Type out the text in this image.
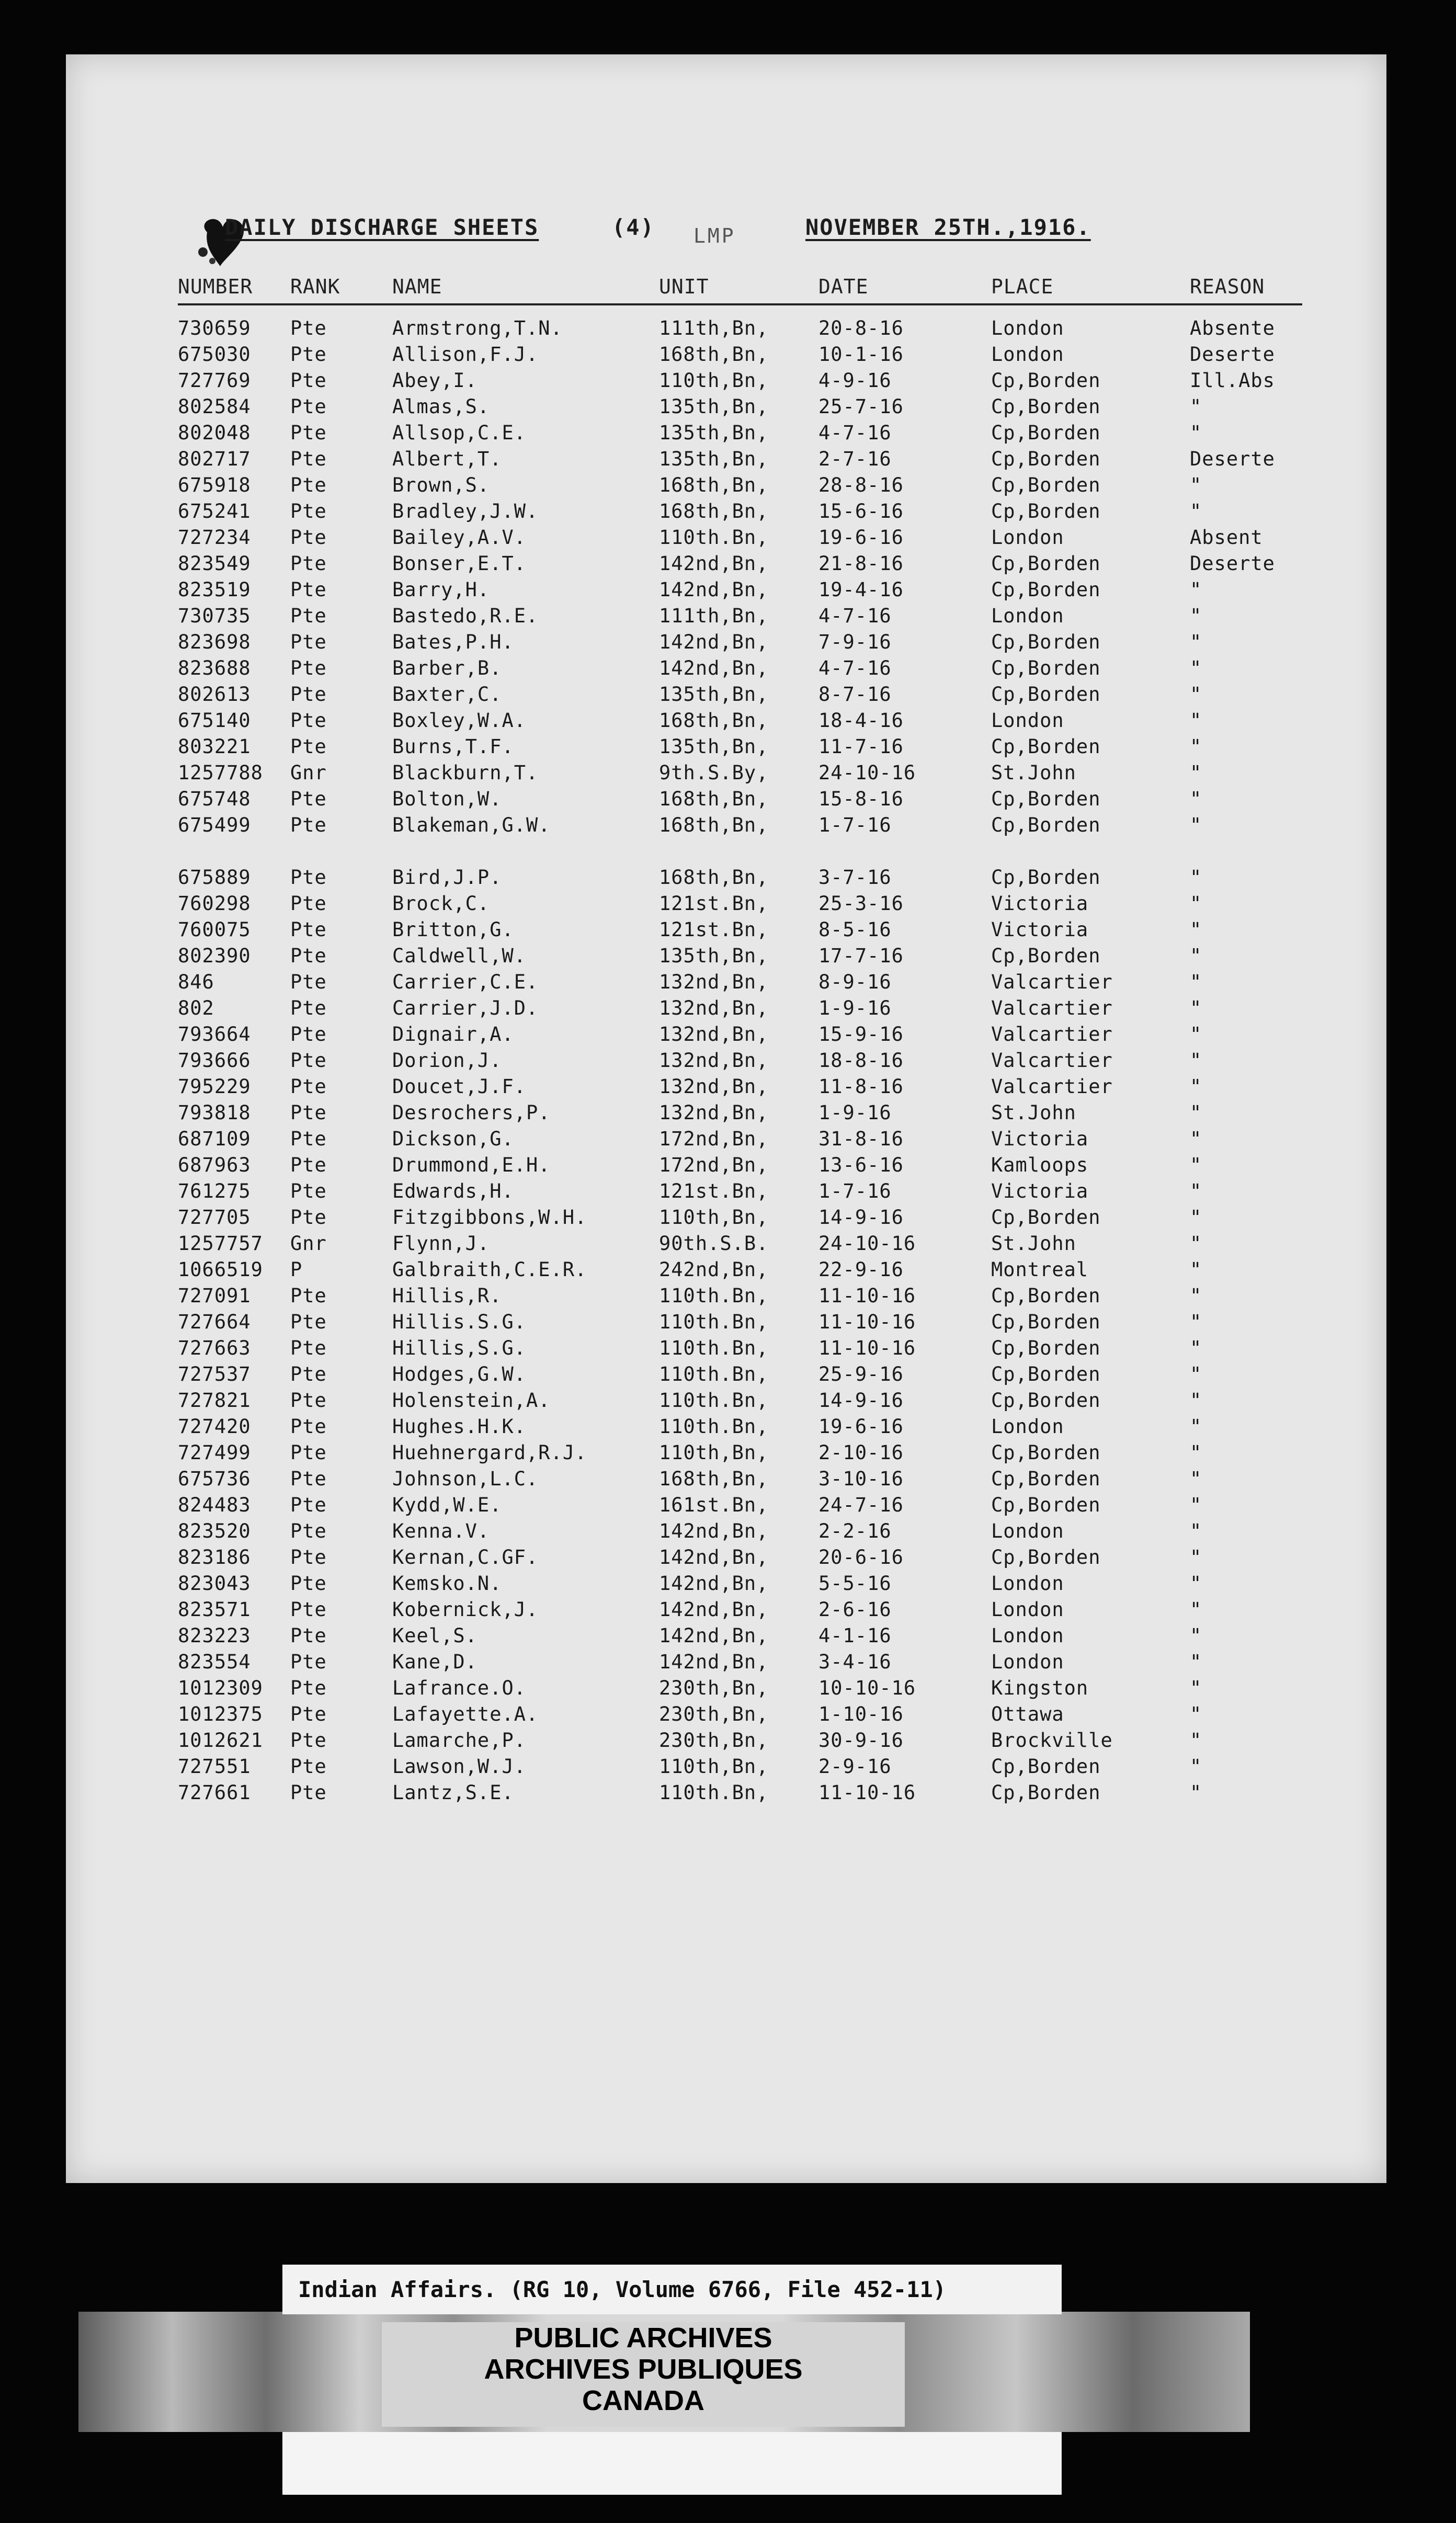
LMP
DAILY DISCHARGE SHEETS	(4)	NOVEMBER 25TH.,1916.
NUMBER RANK	NAME	UNIT	DATE	PLACE	REASON
730659 Pte	Armstrong,T.N.	111th,Bn,	20-8-16	London	Absente
675030 Pte	Allison,F.J.	168th,Bn,	10-1-16	London	Deserte
727769 Pte	Abey,I.	110th,Bn,	4-9-16	Cp,Borden	Ill.Abs
802584 Pte	Almas,S.	135th,Bn,	25-7-16	Cp,Borden	"
802048 Pte	Allsop,C.E.	135th,Bn,	4-7-16	Cp,Borden	"
802717 Pte	Albert,T.	135th,Bn,	2-7-16	Cp,Borden	Deserte
675918 Pte	Brown,S.	168th,Bn,	28-8-16	Cp,Borden	"
675241 Pte	Bradley,J.W.	168th,Bn,	15-6-16	Cp,Borden	"
727234 Pte	Bailey,A.V.	110th.Bn,	19-6-16	London	Absent
823549 Pte	Bonser,E.T.	142nd,Bn,	21-8-16	Cp,Borden	Deserte
823519 Pte	Barry,H.	142nd,Bn,	19-4-16	Cp,Borden	"
730735 Pte	Bastedo,R.E.	111th,Bn,	4-7-16	London	"
823698 Pte	Bates,P.H.	142nd,Bn,	7-9-16	Cp,Borden	"
823688 Pte	Barber,B.	142nd,Bn,	4-7-16	Cp,Borden	"
802613 Pte	Baxter,C.	135th,Bn,	8-7-16	Cp,Borden	"
675140 Pte	Boxley,W.A.	168th,Bn,	18-4-16	London	"
803221 Pte	Burns,T.F.	135th,Bn,	11-7-16	Cp,Borden	"
1257788 Gnr	Blackburn,T.	9th.S.By,	24-10-16	St.John	"
675748 Pte	Bolton,W.	168th,Bn,	15-8-16	Cp,Borden	"
675499 Pte	Blakeman,G.W.	168th,Bn,	1-7-16	Cp,Borden	"
675889 Pte	Bird,J.P.	168th,Bn,	3-7-16	Cp,Borden	"
760298 Pte	Brock,C.	121st.Bn,	25-3-16	Victoria	"
760075 Pte	Britton,G.	121st.Bn,	8-5-16	Victoria	"
802390 Pte	Caldwell,W.	135th,Bn,	17-7-16	Cp,Borden	"
846	Pte	Carrier,C.E.	132nd,Bn,	8-9-16	Valcartier	"
802	Pte	Carrier,J.D.	132nd,Bn,	1-9-16	Valcartier	"
793664 Pte	Dignair,A.	132nd,Bn,	15-9-16	Valcartier	"
793666 Pte	Dorion,J.	132nd,Bn,	18-8-16	Valcartier	"
795229 Pte	Doucet,J.F.	132nd,Bn,	11-8-16	Valcartier	"
793818 Pte	Desrochers,P.	132nd,Bn,	1-9-16	St.John	"
687109 Pte	Dickson,G.	172nd,Bn,	31-8-16	Victoria	"
687963 Pte	Drummond,E.H.	172nd,Bn,	13-6-16	Kamloops	"
761275 Pte	Edwards,H.	121st.Bn,	1-7-16	Victoria	"
727705 Pte	Fitzgibbons,W.H.	110th,Bn,	14-9-16	Cp,Borden	"
1257757 Gnr	Flynn,J.	90th.S.B.	24-10-16	St.John	"
1066519 P	Galbraith,C.E.R.	242nd,Bn,	22-9-16	Montreal	"
727091 Pte	Hillis,R.	110th.Bn,	11-10-16	Cp,Borden	"
727664 Pte	Hillis.S.G.	110th.Bn,	11-10-16	Cp,Borden	"
727663 Pte	Hillis,S.G.	110th.Bn,	11-10-16	Cp,Borden	"
727537 Pte	Hodges,G.W.	110th.Bn,	25-9-16	Cp,Borden	"
727821 Pte	Holenstein,A.	110th.Bn,	14-9-16	Cp,Borden	"
727420 Pte	Hughes.H.K.	110th.Bn,	19-6-16	London	"
727499 Pte	Huehnergard,R.J.	110th,Bn,	2-10-16	Cp,Borden	"
675736 Pte	Johnson,L.C.	168th,Bn,	3-10-16	Cp,Borden	"
824483 Pte	Kydd,W.E.	161st.Bn,	24-7-16	Cp,Borden	"
823520 Pte	Kenna.V.	142nd,Bn,	2-2-16	London	"
823186 Pte	Kernan,C.GF.	142nd,Bn,	20-6-16	Cp,Borden	"
823043 Pte	Kemsko.N.	142nd,Bn,	5-5-16	London	"
823571 Pte	Kobernick,J.	142nd,Bn,	2-6-16	London	"
823223 Pte	Keel,S.	142nd,Bn,	4-1-16	London	"
823554 Pte	Kane,D.	142nd,Bn,	3-4-16	London	"
1012309 Pte	Lafrance.O.	230th,Bn,	10-10-16	Kingston	"
1012375 Pte	Lafayette.A.	230th,Bn,	1-10-16	Ottawa	"
1012621 Pte	Lamarche,P.	230th,Bn,	30-9-16	Brockville	"
727551 Pte	Lawson,W.J.	110th,Bn,	2-9-16	Cp,Borden	"
727661 Pte	Lantz,S.E.	110th.Bn,	11-10-16	Cp,Borden	"
Indian Affairs. (RG 10, Volume 6766, File 452-11)
PUBLIC ARCHIVES
ARCHIVES PUBLIQUES
CANADA
